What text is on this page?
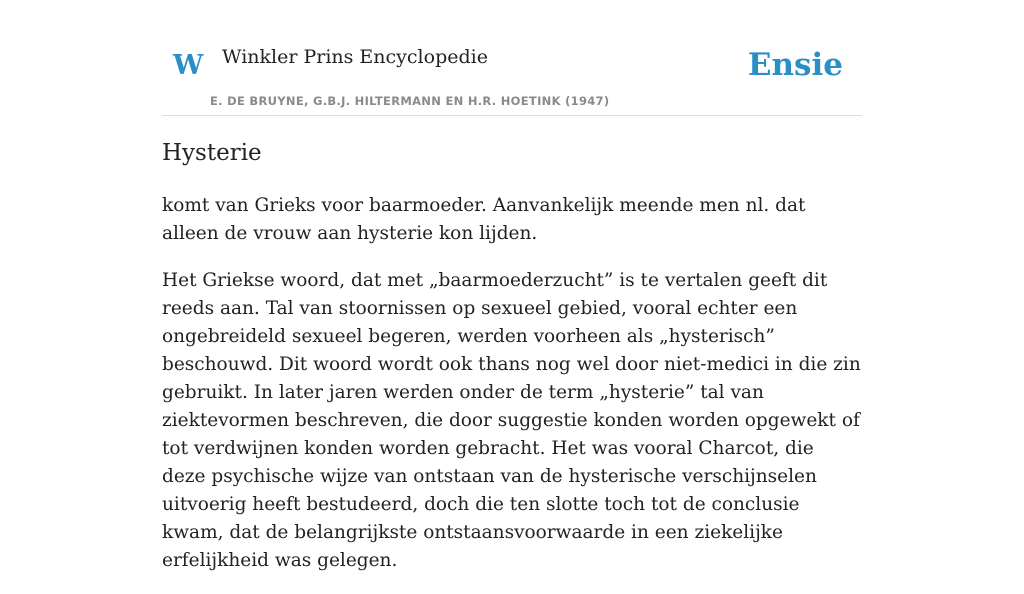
W Winkler Prins Encyclopedie
E. DE BRUYNE, G.B.J. HILTERMANN EN H.R. HOETINK (1947)
Ensie
Hysterie

komt van Grieks voor baarmoeder. Aanvankelijk meende men nl. dat alleen de vrouw aan hysterie kon lijden.

Het Griekse woord, dat met „baarmoederzucht” is te vertalen geeft dit reeds aan. Tal van stoornissen op sexueel gebied, vooral echter een ongebreideld sexueel begeren, werden voorheen als „hysterisch” beschouwd. Dit woord wordt ook thans nog wel door niet-medici in die zin gebruikt. In later jaren werden onder de term „hysterie” tal van ziektevormen beschreven, die door suggestie konden worden opgewekt of tot verdwijnen konden worden gebracht. Het was vooral Charcot, die deze psychische wijze van ontstaan van de hysterische verschijnselen uitvoerig heeft bestudeerd, doch die ten slotte toch tot de conclusie kwam, dat de belangrijkste ontstaansvoorwaarde in een ziekelijke erfelijkheid was gelegen.
